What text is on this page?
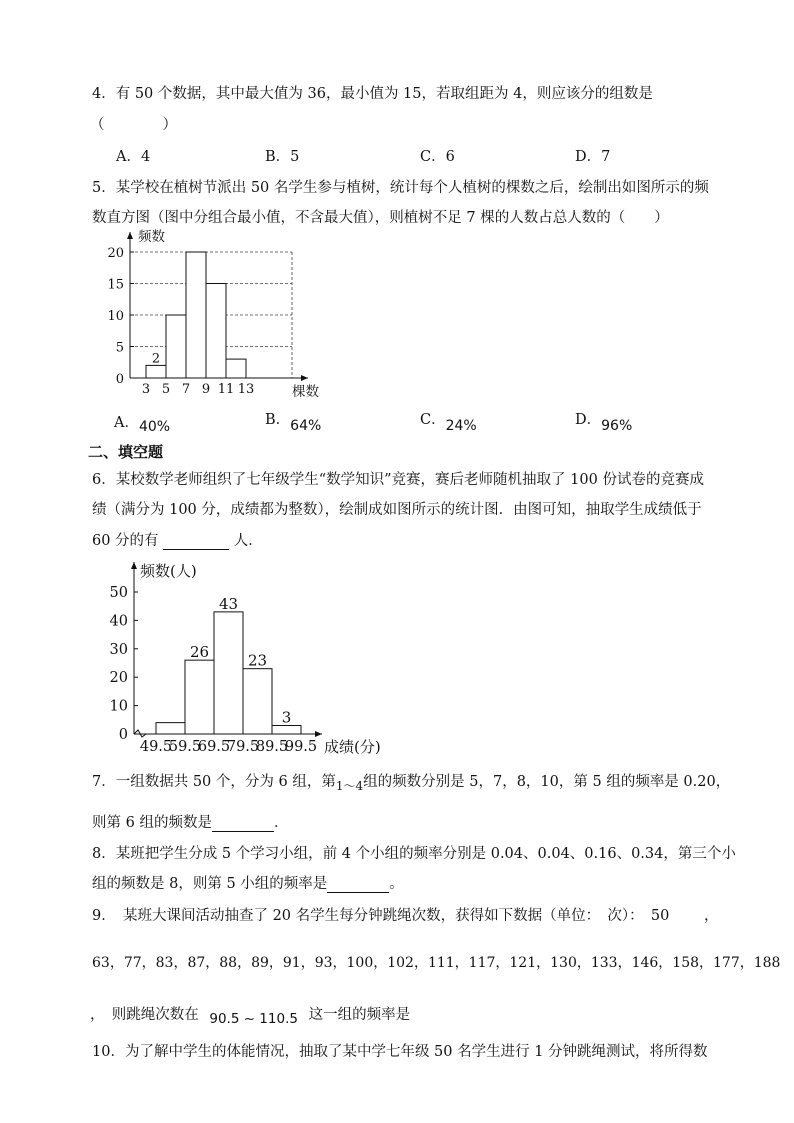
4．有 50 个数据，其中最大值为 36，最小值为 15，若取组距为 4，则应该分的组数是
（　　　　）
A．4	B．5	C．6	D．7
5．某学校在植树节派出 50 名学生参与植树，统计每个人植树的棵数之后，绘制出如图所示的频
数直方图（图中分组合最小值，不含最大值），则植树不足 7 棵的人数占总人数的（　　）
0
5
10
15
20
2
3 5 7 9 11 13
频数
棵数
A．40%	B．64%	C．24%	D．96%
二、填空题
6．某校数学老师组织了七年级学生“数学知识”竞赛，赛后老师随机抽取了 100 份试卷的竞赛成
绩（满分为 100 分，成绩都为整数），绘制成如图所示的统计图．由图可知，抽取学生成绩低于
60 分的有	人．
0
10
20
30
40
50
26
43
23
3
49.5
59.5
69.5
79.5
89.5
99.5
频数(人)
成绩(分)
7．一组数据共 50 个，分为 6 组，第$_{1\sim 4}$组的频数分别是 5，7，8，10，第 5 组的频率是 0.20，
则第 6 组的频数是	．
8．某班把学生分成 5 个学习小组，前 4 个小组的频率分别是 0.04、0.04、0.16、0.34，第三个小
组的频数是 8，则第 5 小组的频率是	。
9．　某班大课间活动抽查了 20 名学生每分钟跳绳次数，获得如下数据（单位：　次）：　50 ，
63，77，83，87，88，89，91，93，100，102，111，117，121，130，133，146，158，177，188
，　则跳绳次数在 90.5 ~ 110.5 这一组的频率是
10．为了解中学生的体能情况，抽取了某中学七年级 50 名学生进行 1 分钟跳绳测试，将所得数
